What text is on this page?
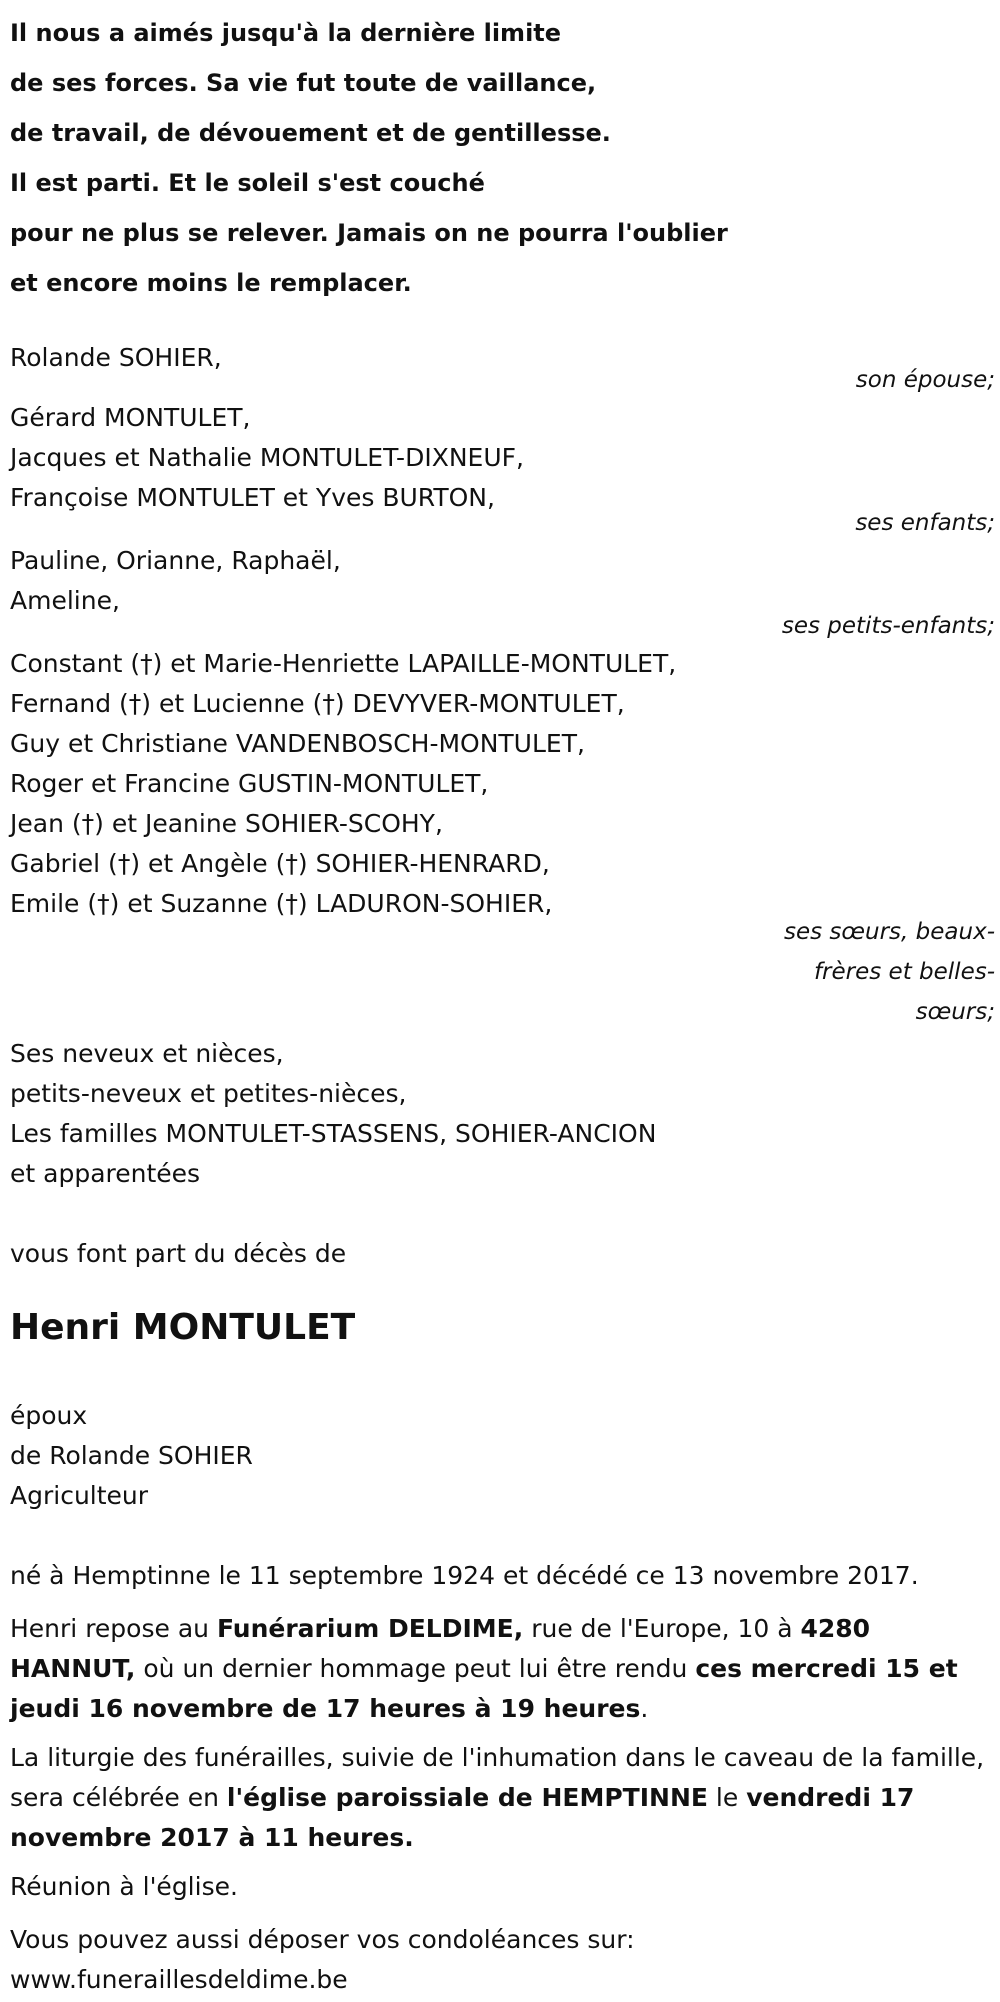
Il nous a aimés jusqu'à la dernière limite
de ses forces. Sa vie fut toute de vaillance,
de travail, de dévouement et de gentillesse.
Il est parti. Et le soleil s'est couché
pour ne plus se relever. Jamais on ne pourra l'oublier
et encore moins le remplacer.
Rolande SOHIER,
son épouse;
Gérard MONTULET,
Jacques et Nathalie MONTULET-DIXNEUF,
Françoise MONTULET et Yves BURTON,
ses enfants;
Pauline, Orianne, Raphaël,
Ameline,
ses petits-enfants;
Constant (†) et Marie-Henriette LAPAILLE-MONTULET,
Fernand (†) et Lucienne (†) DEVYVER-MONTULET,
Guy et Christiane VANDENBOSCH-MONTULET,
Roger et Francine GUSTIN-MONTULET,
Jean (†) et Jeanine SOHIER-SCOHY,
Gabriel (†) et Angèle (†) SOHIER-HENRARD,
Emile (†) et Suzanne (†) LADURON-SOHIER,
ses sœurs, beaux-
frères et belles-
sœurs;
Ses neveux et nièces,
petits-neveux et petites-nièces,
Les familles MONTULET-STASSENS, SOHIER-ANCION
et apparentées
vous font part du décès de
Henri MONTULET
époux
de Rolande SOHIER
Agriculteur

né à Hemptinne le 11 septembre 1924 et décédé ce 13 novembre 2017.

Henri repose au Funérarium DELDIME, rue de l'Europe, 10 à 4280 HANNUT, où un dernier hommage peut lui être rendu ces mercredi 15 et jeudi 16 novembre de 17 heures à 19 heures.

La liturgie des funérailles, suivie de l'inhumation dans le caveau de la famille, sera célébrée en l'église paroissiale de HEMPTINNE le vendredi 17 novembre 2017 à 11 heures.

Réunion à l'église.

Vous pouvez aussi déposer vos condoléances sur:
www.funeraillesdeldime.be
